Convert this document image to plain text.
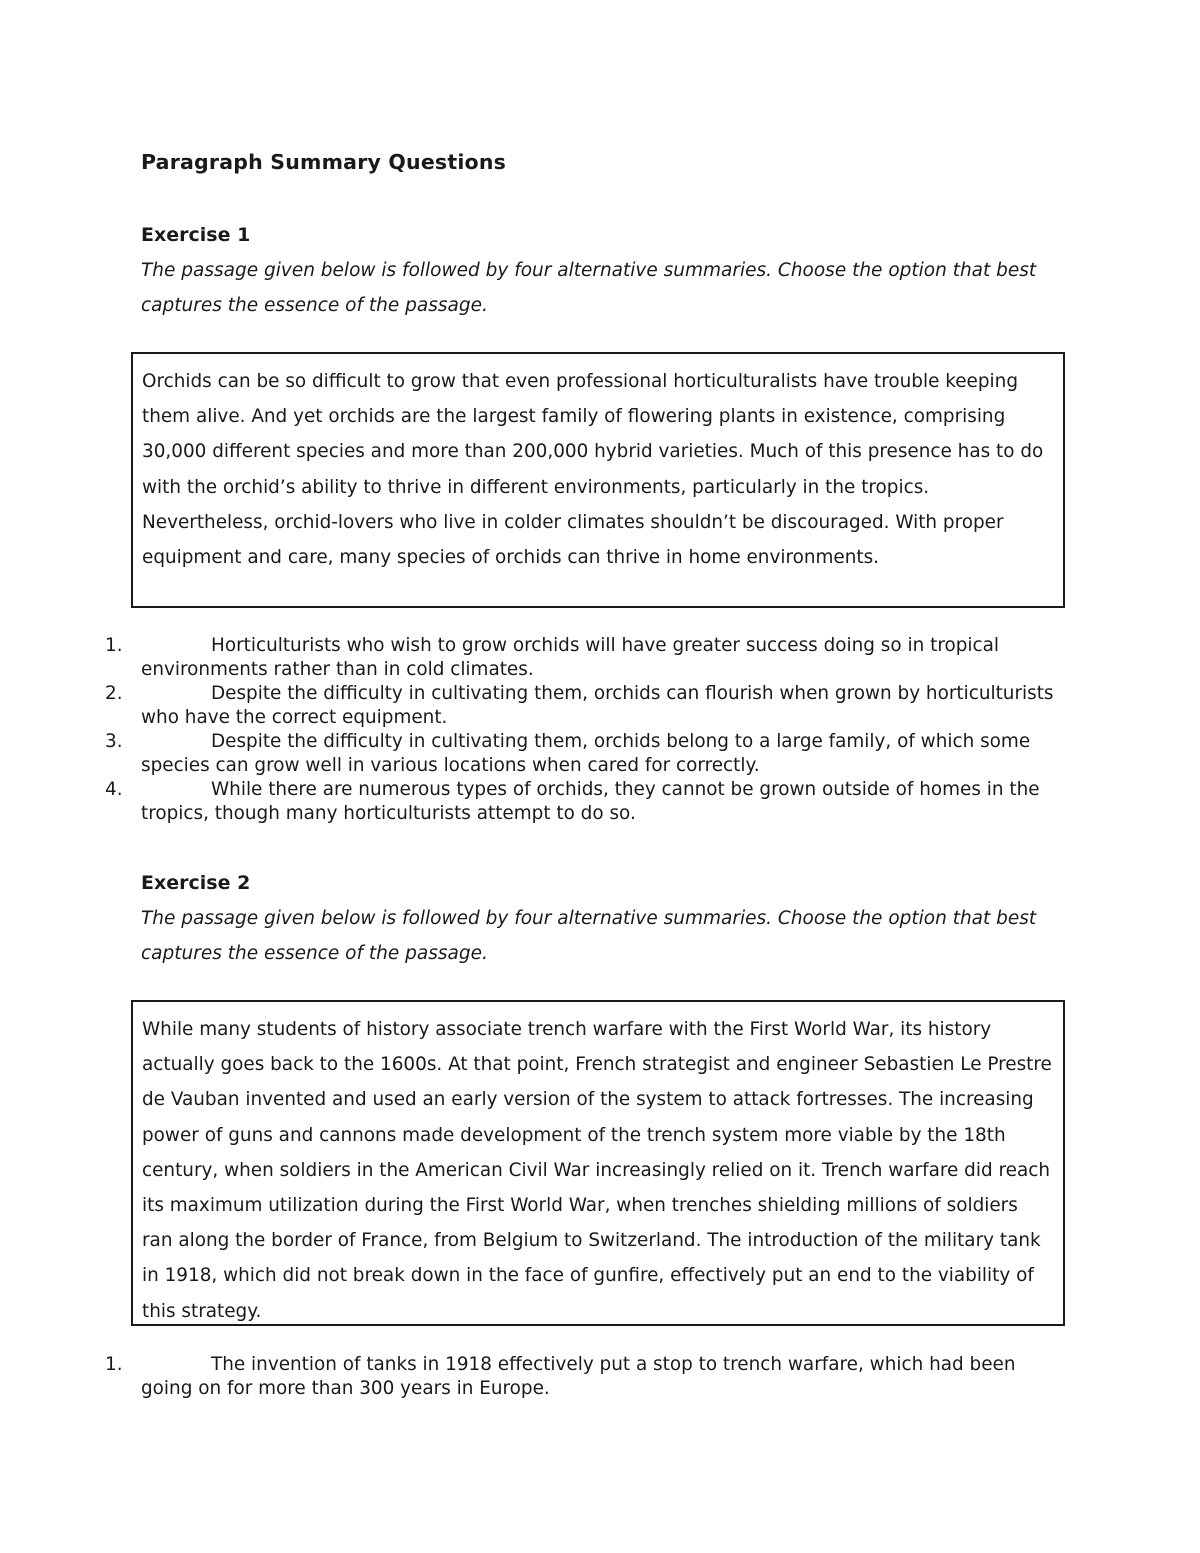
Paragraph Summary Questions
Exercise 1
The passage given below is followed by four alternative summaries. Choose the option that best captures the essence of the passage.
Orchids can be so difficult to grow that even professional horticulturalists have trouble keeping them alive. And yet orchids are the largest family of flowering plants in existence, comprising 30,000 different species and more than 200,000 hybrid varieties. Much of this presence has to do with the orchid’s ability to thrive in different environments, particularly in the tropics. Nevertheless, orchid-lovers who live in colder climates shouldn’t be discouraged. With proper equipment and care, many species of orchids can thrive in home environments.
1.	Horticulturists who wish to grow orchids will have greater success doing so in tropical environments rather than in cold climates.
2.	Despite the difficulty in cultivating them, orchids can flourish when grown by horticulturists who have the correct equipment.
3.	Despite the difficulty in cultivating them, orchids belong to a large family, of which some species can grow well in various locations when cared for correctly.
4.	While there are numerous types of orchids, they cannot be grown outside of homes in the tropics, though many horticulturists attempt to do so.
Exercise 2
The passage given below is followed by four alternative summaries. Choose the option that best captures the essence of the passage.
While many students of history associate trench warfare with the First World War, its history actually goes back to the 1600s. At that point, French strategist and engineer Sebastien Le Prestre de Vauban invented and used an early version of the system to attack fortresses. The increasing power of guns and cannons made development of the trench system more viable by the 18th century, when soldiers in the American Civil War increasingly relied on it. Trench warfare did reach its maximum utilization during the First World War, when trenches shielding millions of soldiers ran along the border of France, from Belgium to Switzerland. The introduction of the military tank in 1918, which did not break down in the face of gunfire, effectively put an end to the viability of this strategy.
1.	The invention of tanks in 1918 effectively put a stop to trench warfare, which had been going on for more than 300 years in Europe.
